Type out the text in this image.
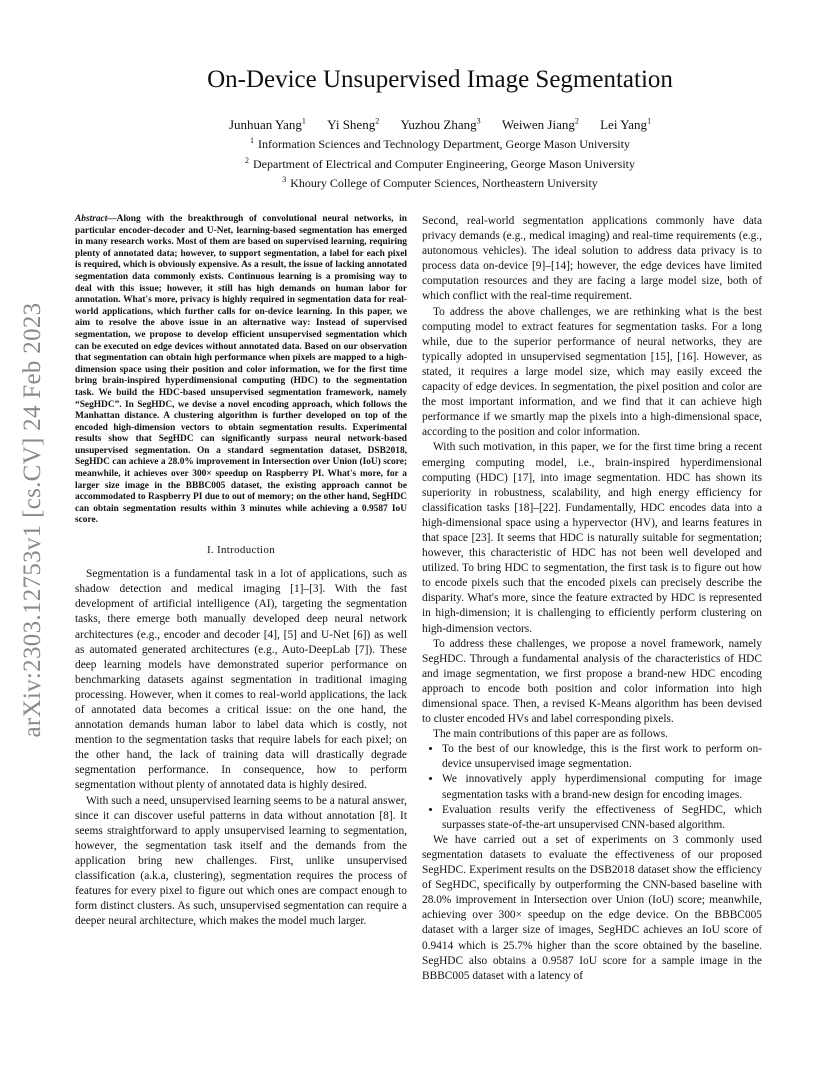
arXiv:2303.12753v1 [cs.CV] 24 Feb 2023
On-Device Unsupervised Image Segmentation
Junhuan Yang$^1$ Yi Sheng$^2$ Yuzhou Zhang$^3$ Weiwen Jiang$^2$ Lei Yang$^1$
$^1$ Information Sciences and Technology Department, George Mason University
$^2$ Department of Electrical and Computer Engineering, George Mason University
$^3$ Khoury College of Computer Sciences, Northeastern University
Abstract—Along with the breakthrough of convolutional neural networks, in particular encoder-decoder and U-Net, learning-based segmentation has emerged in many research works. Most of them are based on supervised learning, requiring plenty of annotated data; however, to support segmentation, a label for each pixel is required, which is obviously expensive. As a result, the issue of lacking annotated segmentation data commonly exists. Continuous learning is a promising way to deal with this issue; however, it still has high demands on human labor for annotation. What's more, privacy is highly required in segmentation data for real-world applications, which further calls for on-device learning. In this paper, we aim to resolve the above issue in an alternative way: Instead of supervised segmentation, we propose to develop efficient unsupervised segmentation which can be executed on edge devices without annotated data. Based on our observation that segmentation can obtain high performance when pixels are mapped to a high-dimension space using their position and color information, we for the first time bring brain-inspired hyperdimensional computing (HDC) to the segmentation task. We build the HDC-based unsupervised segmentation framework, namely “SegHDC”. In SegHDC, we devise a novel encoding approach, which follows the Manhattan distance. A clustering algorithm is further developed on top of the encoded high-dimension vectors to obtain segmentation results. Experimental results show that SegHDC can significantly surpass neural network-based unsupervised segmentation. On a standard segmentation dataset, DSB2018, SegHDC can achieve a 28.0% improvement in Intersection over Union (IoU) score; meanwhile, it achieves over 300× speedup on Raspberry PI. What's more, for a larger size image in the BBBC005 dataset, the existing approach cannot be accommodated to Raspberry PI due to out of memory; on the other hand, SegHDC can obtain segmentation results within 3 minutes while achieving a 0.9587 IoU score.
I. Introduction

Segmentation is a fundamental task in a lot of applications, such as shadow detection and medical imaging [1]–[3]. With the fast development of artificial intelligence (AI), targeting the segmentation tasks, there emerge both manually developed deep neural network architectures (e.g., encoder and decoder [4], [5] and U-Net [6]) as well as automated generated architectures (e.g., Auto-DeepLab [7]). These deep learning models have demonstrated superior performance on benchmarking datasets against segmentation in traditional imaging processing. However, when it comes to real-world applications, the lack of annotated data becomes a critical issue: on the one hand, the annotation demands human labor to label data which is costly, not mention to the segmentation tasks that require labels for each pixel; on the other hand, the lack of training data will drastically degrade segmentation performance. In consequence, how to perform segmentation without plenty of annotated data is highly desired.

With such a need, unsupervised learning seems to be a natural answer, since it can discover useful patterns in data without annotation [8]. It seems straightforward to apply unsupervised learning to segmentation, however, the segmentation task itself and the demands from the application bring new challenges. First, unlike unsupervised classification (a.k.a, clustering), segmentation requires the process of features for every pixel to figure out which ones are compact enough to form distinct clusters. As such, unsupervised segmentation can require a deeper neural architecture, which makes the model much larger.

Second, real-world segmentation applications commonly have data privacy demands (e.g., medical imaging) and real-time requirements (e.g., autonomous vehicles). The ideal solution to address data privacy is to process data on-device [9]–[14]; however, the edge devices have limited computation resources and they are facing a large model size, both of which conflict with the real-time requirement.

To address the above challenges, we are rethinking what is the best computing model to extract features for segmentation tasks. For a long while, due to the superior performance of neural networks, they are typically adopted in unsupervised segmentation [15], [16]. However, as stated, it requires a large model size, which may easily exceed the capacity of edge devices. In segmentation, the pixel position and color are the most important information, and we find that it can achieve high performance if we smartly map the pixels into a high-dimensional space, according to the position and color information.

With such motivation, in this paper, we for the first time bring a recent emerging computing model, i.e., brain-inspired hyperdimensional computing (HDC) [17], into image segmentation. HDC has shown its superiority in robustness, scalability, and high energy efficiency for classification tasks [18]–[22]. Fundamentally, HDC encodes data into a high-dimensional space using a hypervector (HV), and learns features in that space [23]. It seems that HDC is naturally suitable for segmentation; however, this characteristic of HDC has not been well developed and utilized. To bring HDC to segmentation, the first task is to figure out how to encode pixels such that the encoded pixels can precisely describe the disparity. What's more, since the feature extracted by HDC is represented in high-dimension; it is challenging to efficiently perform clustering on high-dimension vectors.

To address these challenges, we propose a novel framework, namely SegHDC. Through a fundamental analysis of the characteristics of HDC and image segmentation, we first propose a brand-new HDC encoding approach to encode both position and color information into high dimensional space. Then, a revised K-Means algorithm has been devised to cluster encoded HVs and label corresponding pixels.

The main contributions of this paper are as follows.

• To the best of our knowledge, this is the first work to perform on-device unsupervised image segmentation.
• We innovatively apply hyperdimensional computing for image segmentation tasks with a brand-new design for encoding images.
• Evaluation results verify the effectiveness of SegHDC, which surpasses state-of-the-art unsupervised CNN-based algorithm.

We have carried out a set of experiments on 3 commonly used segmentation datasets to evaluate the effectiveness of our proposed SegHDC. Experiment results on the DSB2018 dataset show the efficiency of SegHDC, specifically by outperforming the CNN-based baseline with 28.0% improvement in Intersection over Union (IoU) score; meanwhile, achieving over 300× speedup on the edge device. On the BBBC005 dataset with a larger size of images, SegHDC achieves an IoU score of 0.9414 which is 25.7% higher than the score obtained by the baseline. SegHDC also obtains a 0.9587 IoU score for a sample image in the BBBC005 dataset with a latency of
